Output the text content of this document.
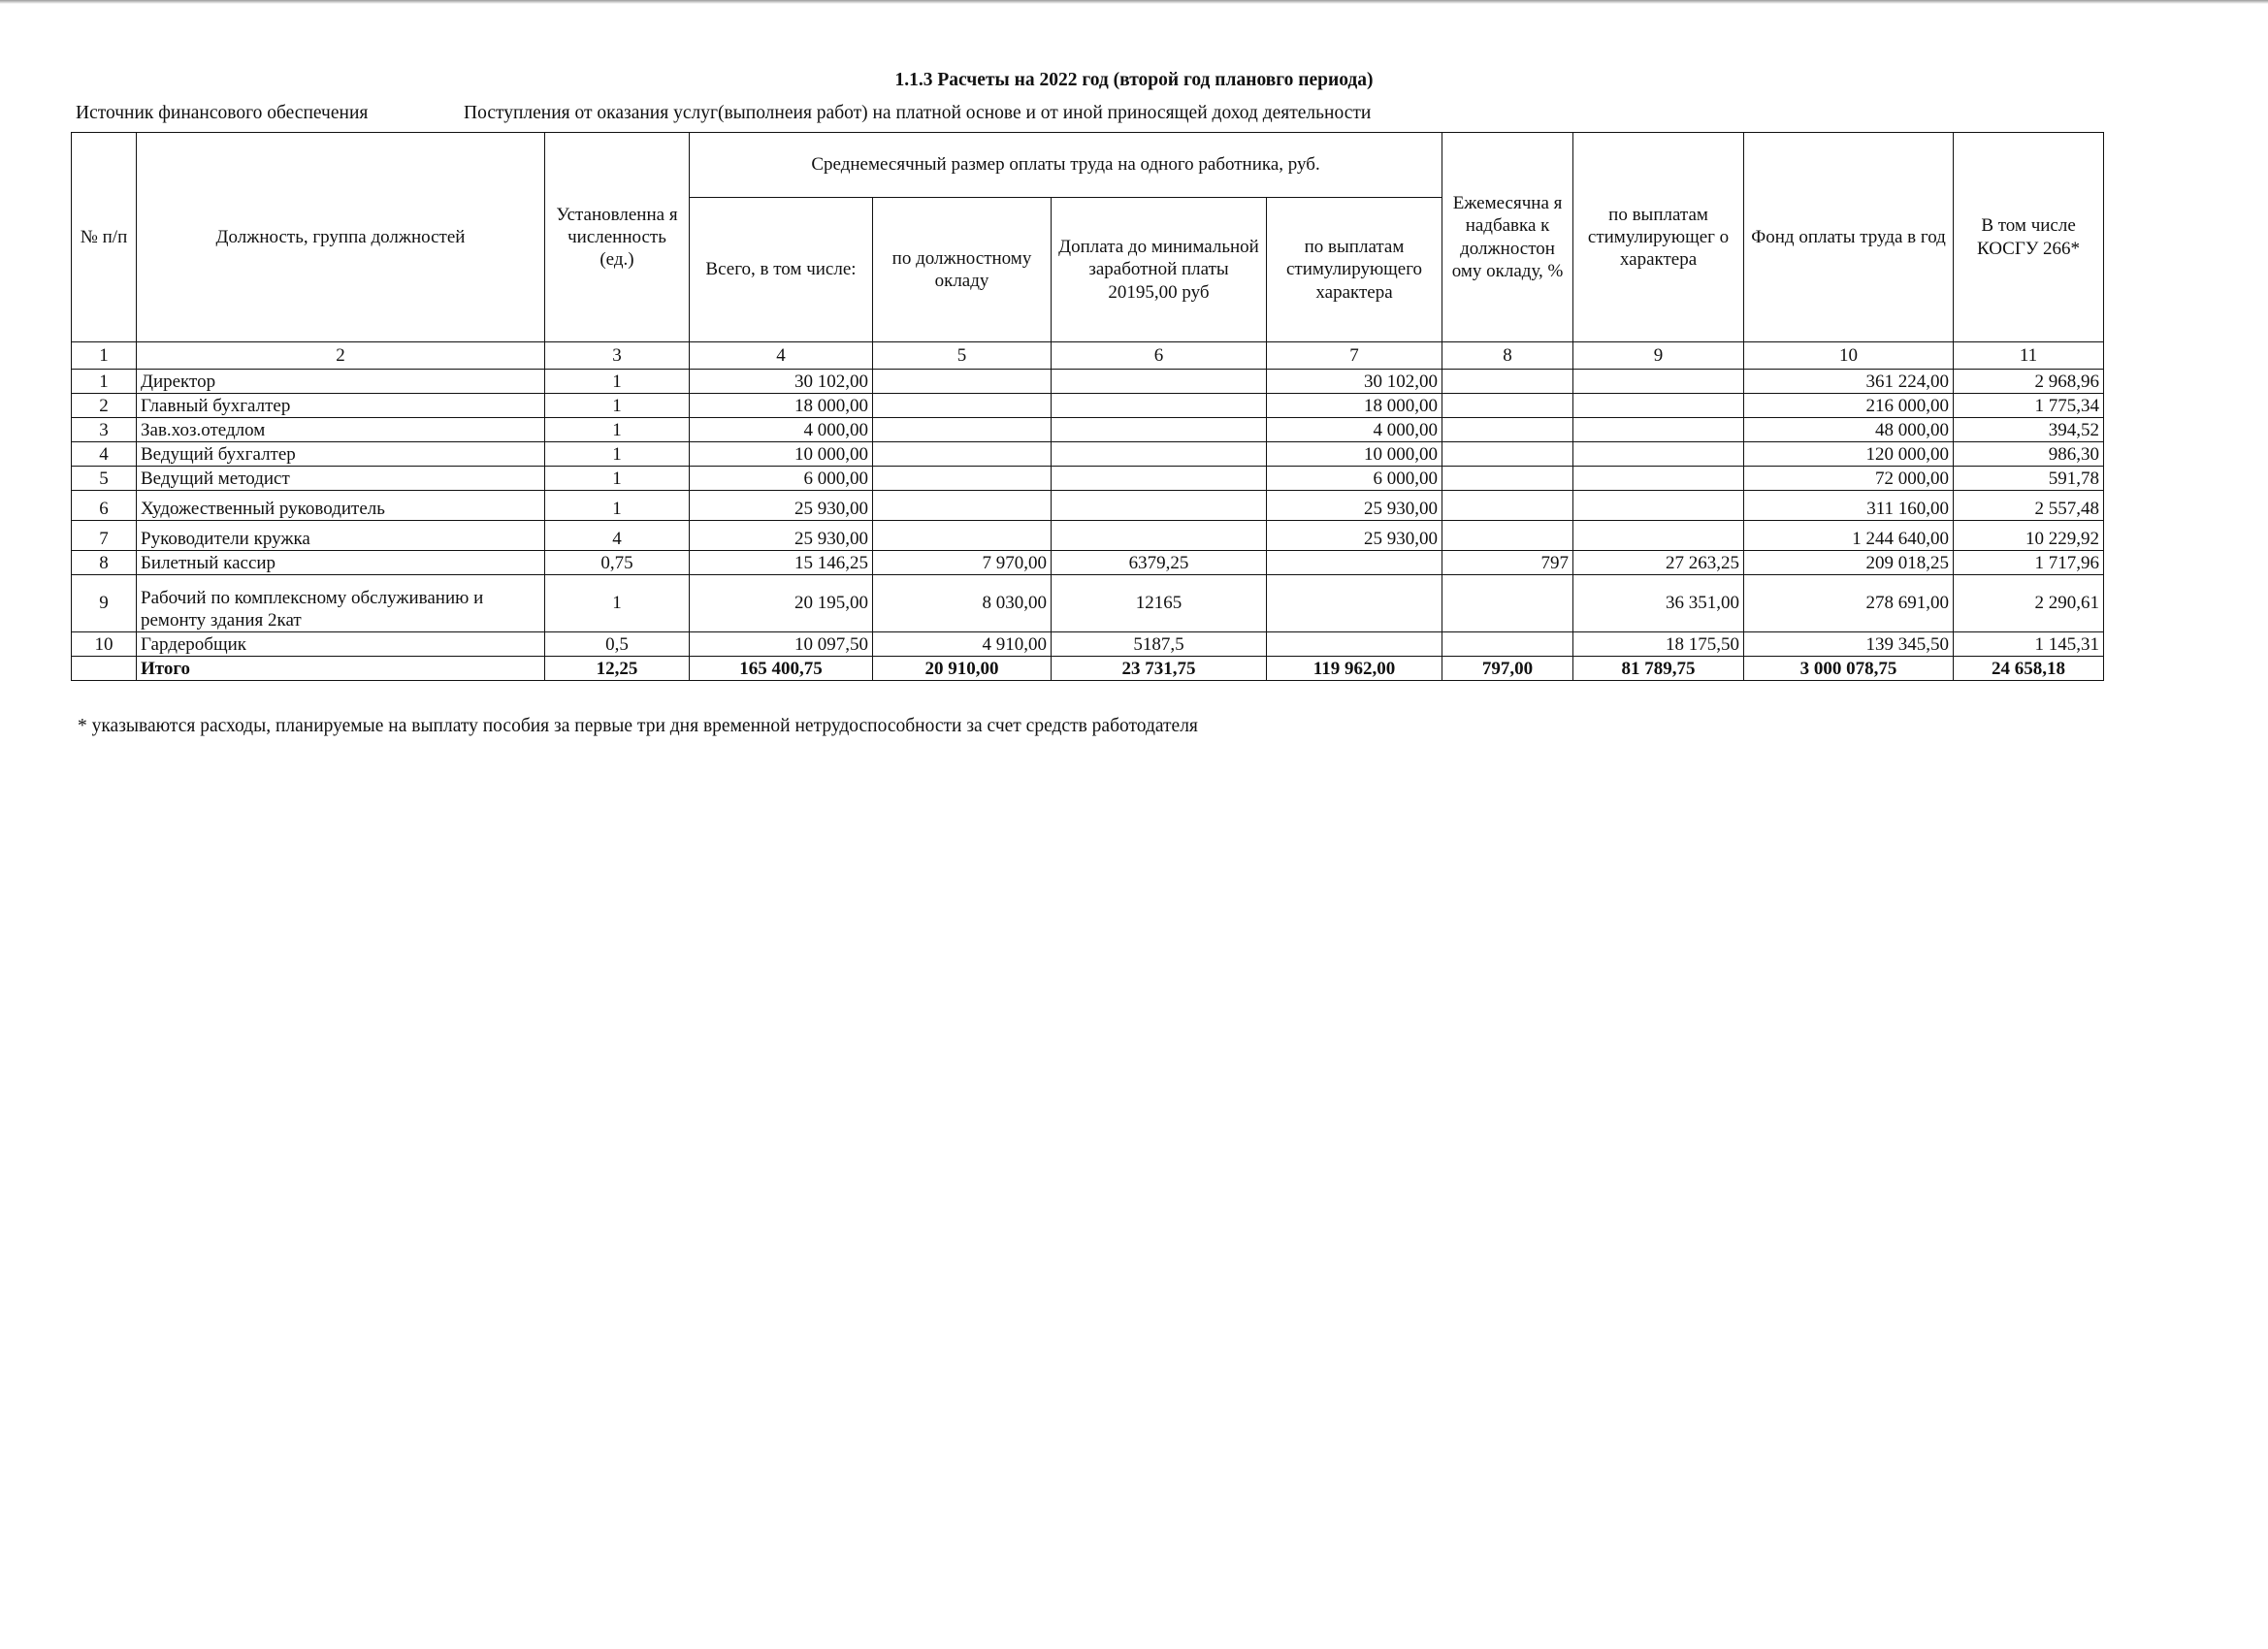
1.1.3 Расчеты на 2022 год (второй год плановго периода)
Источник финансового обеспечения	Поступления от оказания услуг(выполнеия работ) на платной основе и от иной приносящей доход деятельности
№ п/п	Должность, группа должностей	Установленна я численность (ед.)	Среднемесячный размер оплаты труда на одного работника, руб.				Ежемесячна я надбавка к должностон ому окладу, %	по выплатам стимулирующег о характера	Фонд оплаты труда в год	В том числе КОСГУ 266*
			Всего, в том числе:	по должностному окладу	Доплата до минимальной заработной платы 20195,00 руб	по выплатам стимулирующего характера				
1	2	3	4	5	6	7	8	9	10	11
1	Директор	1	30 102,00			30 102,00			361 224,00	2 968,96
2	Главный бухгалтер	1	18 000,00			18 000,00			216 000,00	1 775,34
3	Зав.хоз.отедлом	1	4 000,00			4 000,00			48 000,00	394,52
4	Ведущий бухгалтер	1	10 000,00			10 000,00			120 000,00	986,30
5	Ведущий методист	1	6 000,00			6 000,00			72 000,00	591,78
6	Художественный руководитель	1	25 930,00			25 930,00			311 160,00	2 557,48
7	Руководители кружка	4	25 930,00			25 930,00			1 244 640,00	10 229,92
8	Билетный кассир	0,75	15 146,25	7 970,00	6379,25		797	27 263,25	209 018,25	1 717,96
9	Рабочий по комплексному обслуживанию и ремонту здания 2кат	1	20 195,00	8 030,00	12165			36 351,00	278 691,00	2 290,61
10	Гардеробщик	0,5	10 097,50	4 910,00	5187,5			18 175,50	139 345,50	1 145,31
	Итого	12,25	165 400,75	20 910,00	23 731,75	119 962,00	797,00	81 789,75	3 000 078,75	24 658,18
* указываются расходы, планируемые на выплату пособия за первые три дня временной нетрудоспособности за счет средств работодателя
